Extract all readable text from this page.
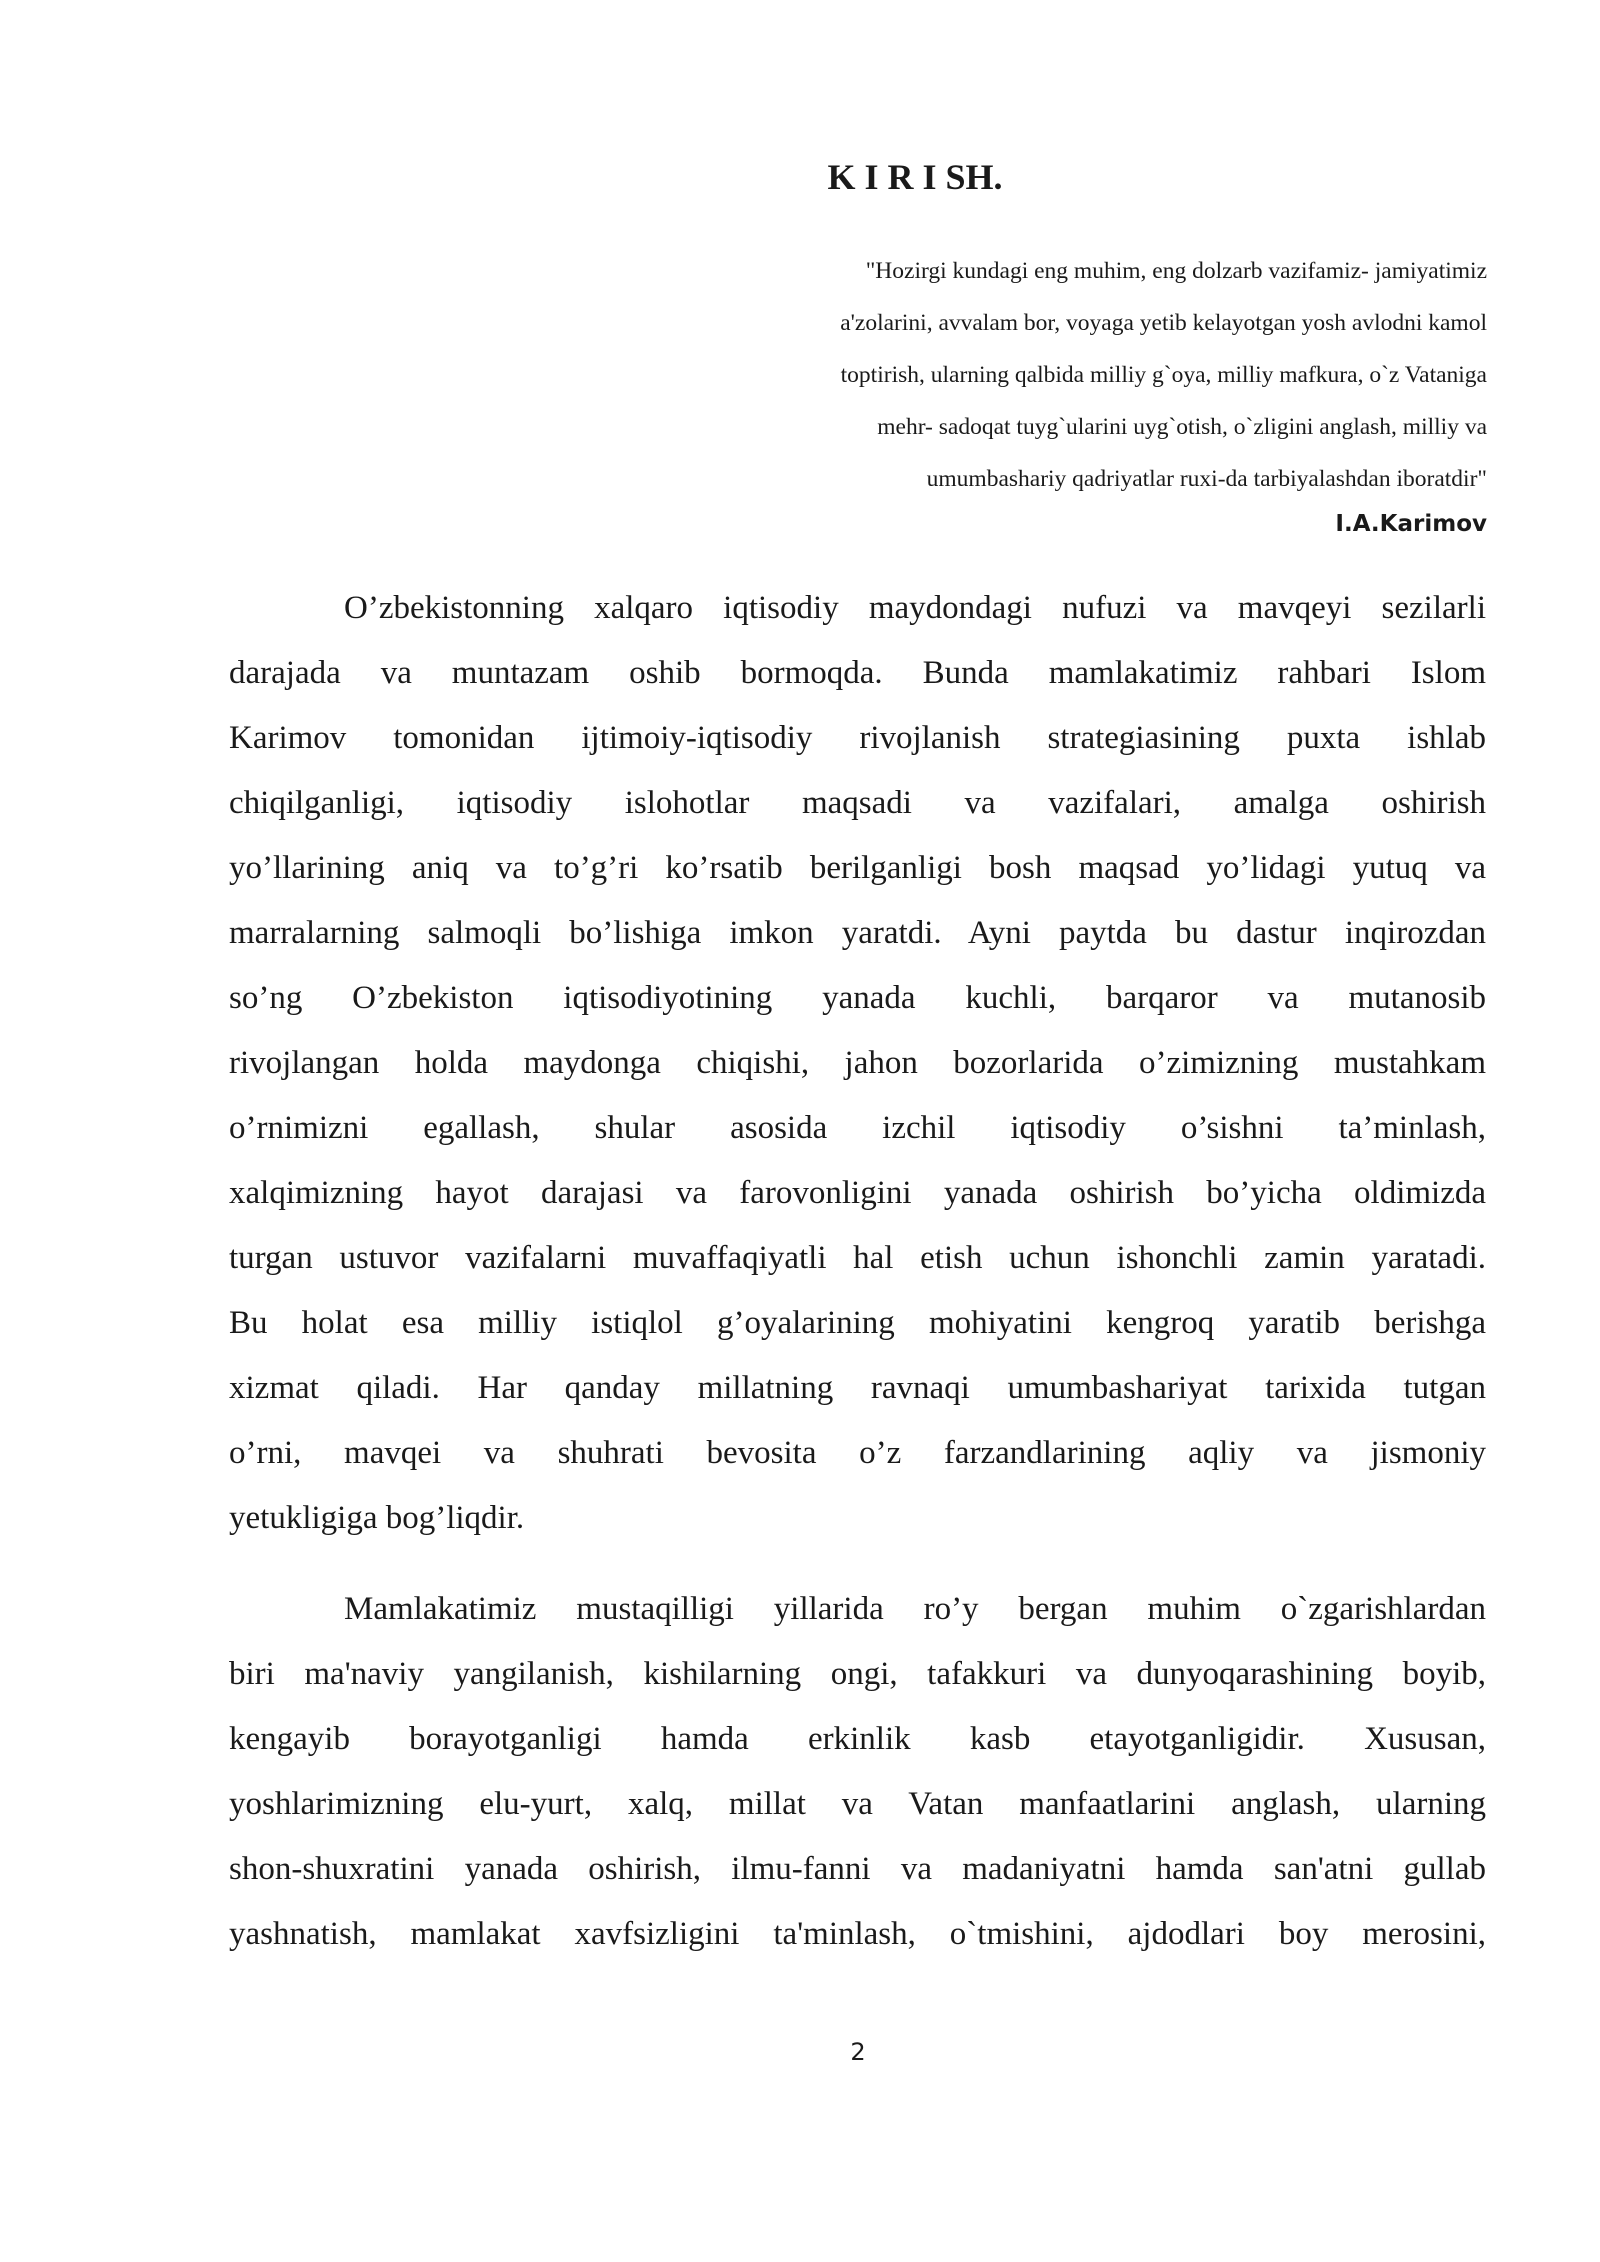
K I R I SH.
"Hozirgi kundagi eng muhim, eng dolzarb vazifamiz- jamiyatimiz
a'zolarini, avvalam bor, voyaga yetib kelayotgan yosh avlodni kamol
toptirish, ularning qalbida milliy g`oya, milliy mafkura, o`z Vataniga
mehr- sadoqat tuyg`ularini uyg`otish, o`zligini anglash, milliy va
umumbashariy qadriyatlar ruxi-da tarbiyalashdan iboratdir"
I.A.Karimov
O’zbekistonning xalqaro iqtisodiy maydondagi nufuzi va mavqeyi sezilarli
darajada va muntazam oshib bormoqda. Bunda mamlakatimiz rahbari Islom
Karimov tomonidan ijtimoiy-iqtisodiy rivojlanish strategiasining puxta ishlab
chiqilganligi, iqtisodiy islohotlar maqsadi va vazifalari, amalga oshirish
yo’llarining aniq va to’g’ri ko’rsatib berilganligi bosh maqsad yo’lidagi yutuq va
marralarning salmoqli bo’lishiga imkon yaratdi. Ayni paytda bu dastur inqirozdan
so’ng O’zbekiston iqtisodiyotining yanada kuchli, barqaror va mutanosib
rivojlangan holda maydonga chiqishi, jahon bozorlarida o’zimizning mustahkam
o’rnimizni egallash, shular asosida izchil iqtisodiy o’sishni ta’minlash,
xalqimizning hayot darajasi va farovonligini yanada oshirish bo’yicha oldimizda
turgan ustuvor vazifalarni muvaffaqiyatli hal etish uchun ishonchli zamin yaratadi.
Bu holat esa milliy istiqlol g’oyalarining mohiyatini kengroq yaratib berishga
xizmat qiladi. Har qanday millatning ravnaqi umumbashariyat tarixida tutgan
o’rni, mavqei va shuhrati bevosita o’z farzandlarining aqliy va jismoniy
yetukligiga bog’liqdir.
Mamlakatimiz mustaqilligi yillarida ro’y bergan muhim o`zgarishlardan
biri ma'naviy yangilanish, kishilarning ongi, tafakkuri va dunyoqarashining boyib,
kengayib borayotganligi hamda erkinlik kasb etayotganligidir. Xususan,
yoshlarimizning elu-yurt, xalq, millat va Vatan manfaatlarini anglash, ularning
shon-shuxratini yanada oshirish, ilmu-fanni va madaniyatni hamda san'atni gullab
yashnatish, mamlakat xavfsizligini ta'minlash, o`tmishini, ajdodlari boy merosini,
2
